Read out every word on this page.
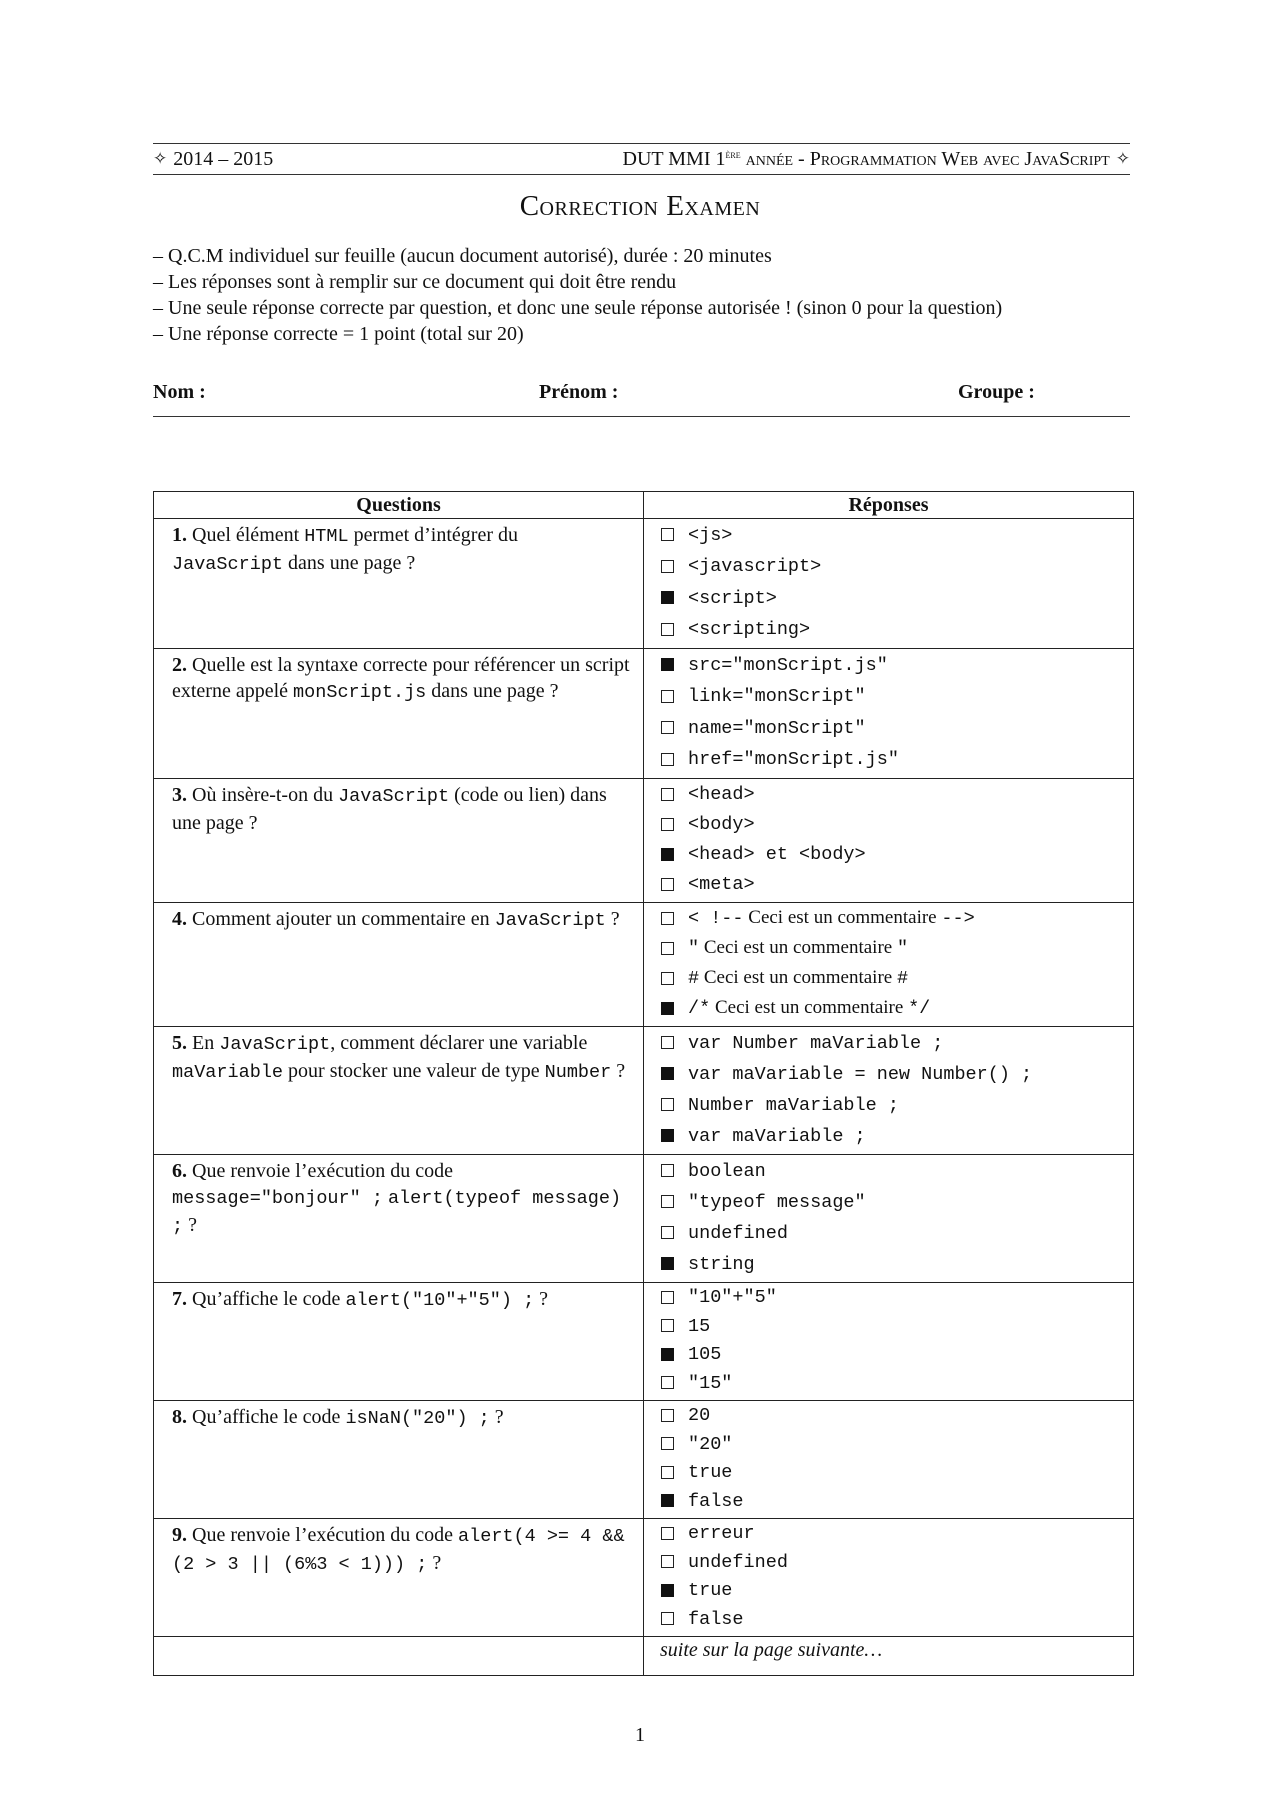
✧ 2014 – 2015	DUT MMI 1ère année - Programmation Web avec JavaScript ✧
Correction Examen
– Q.C.M individuel sur feuille (aucun document autorisé), durée : 20 minutes
– Les réponses sont à remplir sur ce document qui doit être rendu
– Une seule réponse correcte par question, et donc une seule réponse autorisée ! (sinon 0 pour la question)
– Une réponse correcte = 1 point (total sur 20)
Nom :	Prénom :	Groupe :
Questions	Réponses
1. Quel élément HTML permet d’intégrer du JavaScript dans une page ?	<js>
<javascript>
<script>
<scripting>

2. Quelle est la syntaxe correcte pour référencer un script externe appelé monScript.js dans une page ?	src="monScript.js"
link="monScript"
name="monScript"
href="monScript.js"

3. Où insère-t-on du JavaScript (code ou lien) dans une page ?	<head>
<body>
<head> et <body>
<meta>

4. Comment ajouter un commentaire en JavaScript ?	< !-- Ceci est un commentaire -->
" Ceci est un commentaire "
# Ceci est un commentaire #
/* Ceci est un commentaire */

5. En JavaScript, comment déclarer une variable maVariable pour stocker une valeur de type Number ?	var Number maVariable ;
var maVariable = new Number() ;
Number maVariable ;
var maVariable ;

6. Que renvoie l’exécution du code message="bonjour" ; alert(typeof message) ; ?	boolean
"typeof message"
undefined
string

7. Qu’affiche le code alert("10"+"5") ; ?	"10"+"5"
15
105
"15"

8. Qu’affiche le code isNaN("20") ; ?	20
"20"
true
false

9. Que renvoie l’exécution du code alert(4 >= 4 && (2 > 3 || (6%3 < 1))) ; ?	erreur
undefined
true
false

	suite sur la page suivante…
1
